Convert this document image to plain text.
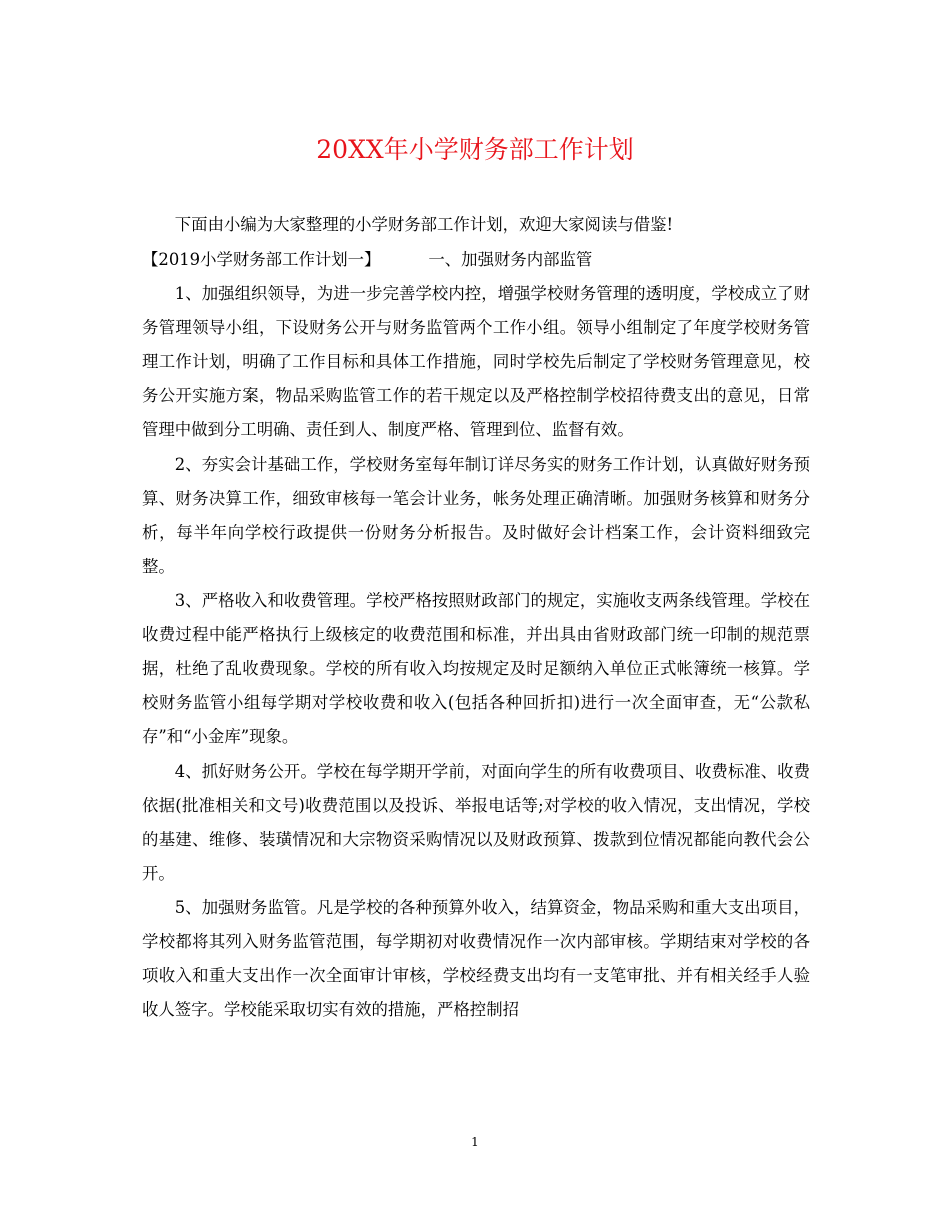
20XX年小学财务部工作计划

下面由小编为大家整理的小学财务部工作计划，欢迎大家阅读与借鉴!

【2019小学财务部工作计划一】	一、加强财务内部监管

1、加强组织领导，为进一步完善学校内控，增强学校财务管理的透明度，学校成立了财务管理领导小组，下设财务公开与财务监管两个工作小组。领导小组制定了年度学校财务管理工作计划，明确了工作目标和具体工作措施，同时学校先后制定了学校财务管理意见，校务公开实施方案，物品采购监管工作的若干规定以及严格控制学校招待费支出的意见，日常管理中做到分工明确、责任到人、制度严格、管理到位、监督有效。

2、夯实会计基础工作，学校财务室每年制订详尽务实的财务工作计划，认真做好财务预算、财务决算工作，细致审核每一笔会计业务，帐务处理正确清晰。加强财务核算和财务分析，每半年向学校行政提供一份财务分析报告。及时做好会计档案工作，会计资料细致完整。

3、严格收入和收费管理。学校严格按照财政部门的规定，实施收支两条线管理。学校在收费过程中能严格执行上级核定的收费范围和标准，并出具由省财政部门统一印制的规范票据，杜绝了乱收费现象。学校的所有收入均按规定及时足额纳入单位正式帐簿统一核算。学校财务监管小组每学期对学校收费和收入(包括各种回折扣)进行一次全面审查，无“公款私存”和“小金库”现象。

4、抓好财务公开。学校在每学期开学前，对面向学生的所有收费项目、收费标准、收费依据(批准相关和文号)收费范围以及投诉、举报电话等;对学校的收入情况，支出情况，学校的基建、维修、装璜情况和大宗物资采购情况以及财政预算、拨款到位情况都能向教代会公开。

5、加强财务监管。凡是学校的各种预算外收入，结算资金，物品采购和重大支出项目，学校都将其列入财务监管范围，每学期初对收费情况作一次内部审核。学期结束对学校的各项收入和重大支出作一次全面审计审核，学校经费支出均有一支笔审批、并有相关经手人验收人签字。学校能采取切实有效的措施，严格控制招

1
